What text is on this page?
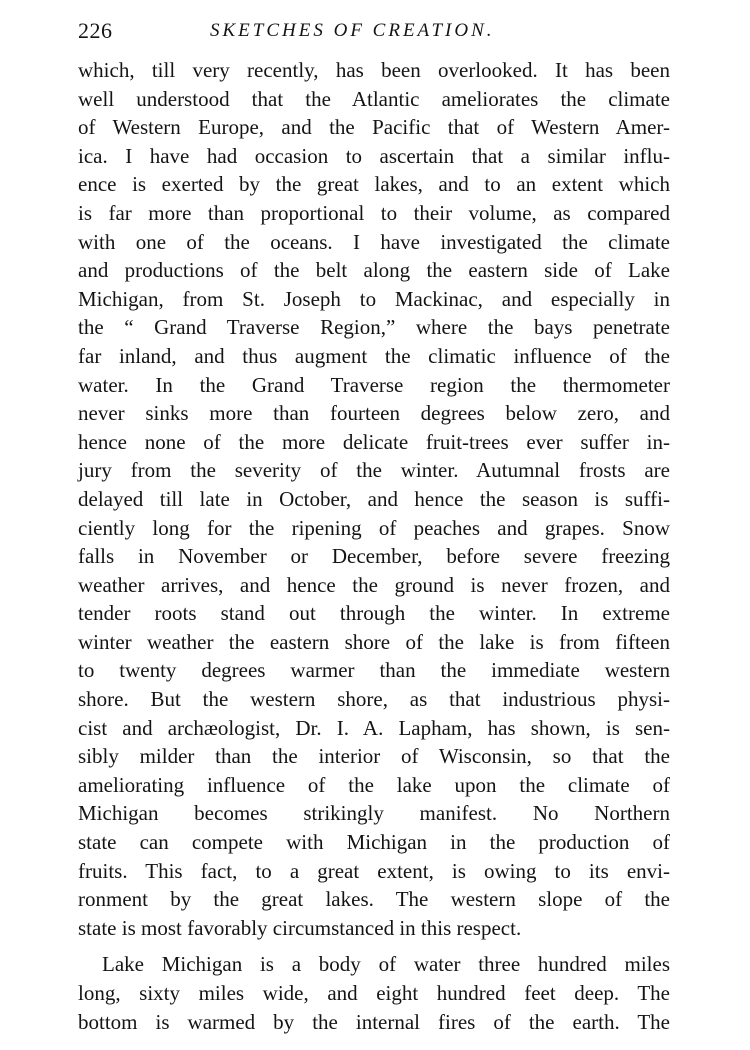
226	SKETCHES OF CREATION.
which, till very recently, has been overlooked. It has been
well understood that the Atlantic ameliorates the climate
of Western Europe, and the Pacific that of Western Amer-
ica. I have had occasion to ascertain that a similar influ-
ence is exerted by the great lakes, and to an extent which
is far more than proportional to their volume, as compared
with one of the oceans. I have investigated the climate
and productions of the belt along the eastern side of Lake
Michigan, from St. Joseph to Mackinac, and especially in
the “ Grand Traverse Region,” where the bays penetrate
far inland, and thus augment the climatic influence of the
water. In the Grand Traverse region the thermometer
never sinks more than fourteen degrees below zero, and
hence none of the more delicate fruit-trees ever suffer in-
jury from the severity of the winter. Autumnal frosts are
delayed till late in October, and hence the season is suffi-
ciently long for the ripening of peaches and grapes. Snow
falls in November or December, before severe freezing
weather arrives, and hence the ground is never frozen, and
tender roots stand out through the winter. In extreme
winter weather the eastern shore of the lake is from fifteen
to twenty degrees warmer than the immediate western
shore. But the western shore, as that industrious physi-
cist and archæologist, Dr. I. A. Lapham, has shown, is sen-
sibly milder than the interior of Wisconsin, so that the
ameliorating influence of the lake upon the climate of
Michigan becomes strikingly manifest. No Northern
state can compete with Michigan in the production of
fruits. This fact, to a great extent, is owing to its envi-
ronment by the great lakes. The western slope of the
state is most favorably circumstanced in this respect.
Lake Michigan is a body of water three hundred miles
long, sixty miles wide, and eight hundred feet deep. The
bottom is warmed by the internal fires of the earth. The
